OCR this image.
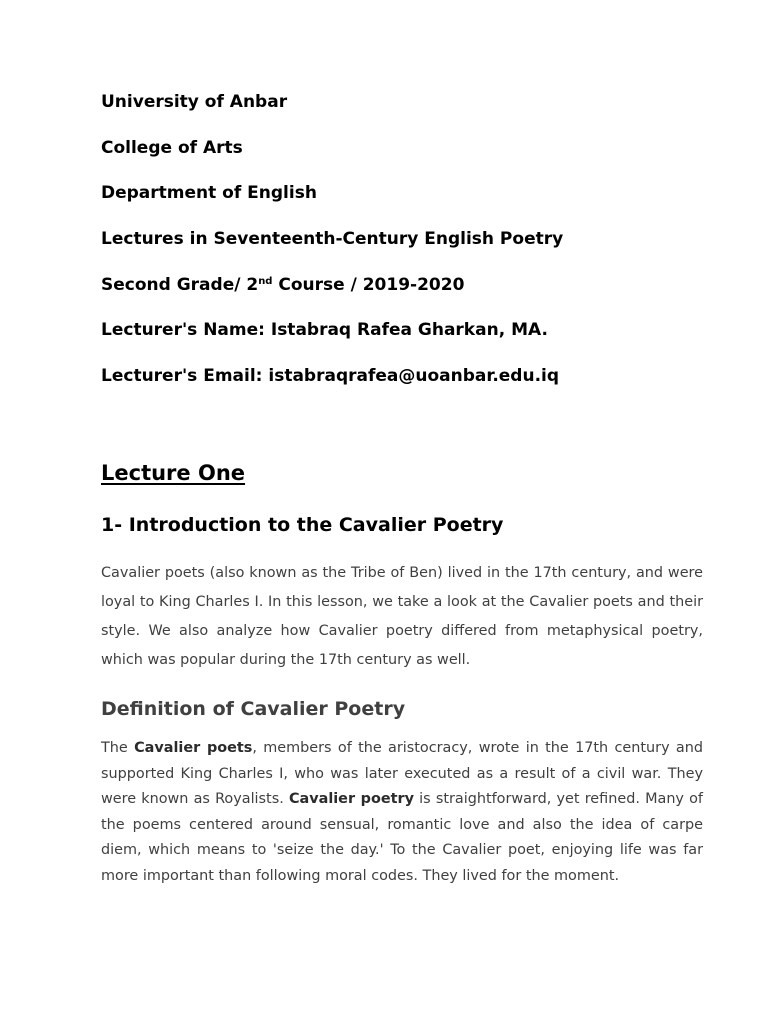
University of Anbar

College of Arts

Department of English

Lectures in Seventeenth-Century English Poetry

Second Grade/ 2nd Course / 2019-2020

Lecturer's Name: Istabraq Rafea Gharkan, MA.

Lecturer's Email: istabraqrafea@uoanbar.edu.iq

Lecture One
1- Introduction to the Cavalier Poetry

Cavalier poets (also known as the Tribe of Ben) lived in the 17th century, and were loyal to King Charles I. In this lesson, we take a look at the Cavalier poets and their style. We also analyze how Cavalier poetry differed from metaphysical poetry, which was popular during the 17th century as well.

Definition of Cavalier Poetry

The Cavalier poets, members of the aristocracy, wrote in the 17th century and supported King Charles I, who was later executed as a result of a civil war. They were known as Royalists. Cavalier poetry is straightforward, yet refined. Many of the poems centered around sensual, romantic love and also the idea of carpe diem, which means to 'seize the day.' To the Cavalier poet, enjoying life was far more important than following moral codes. They lived for the moment.
